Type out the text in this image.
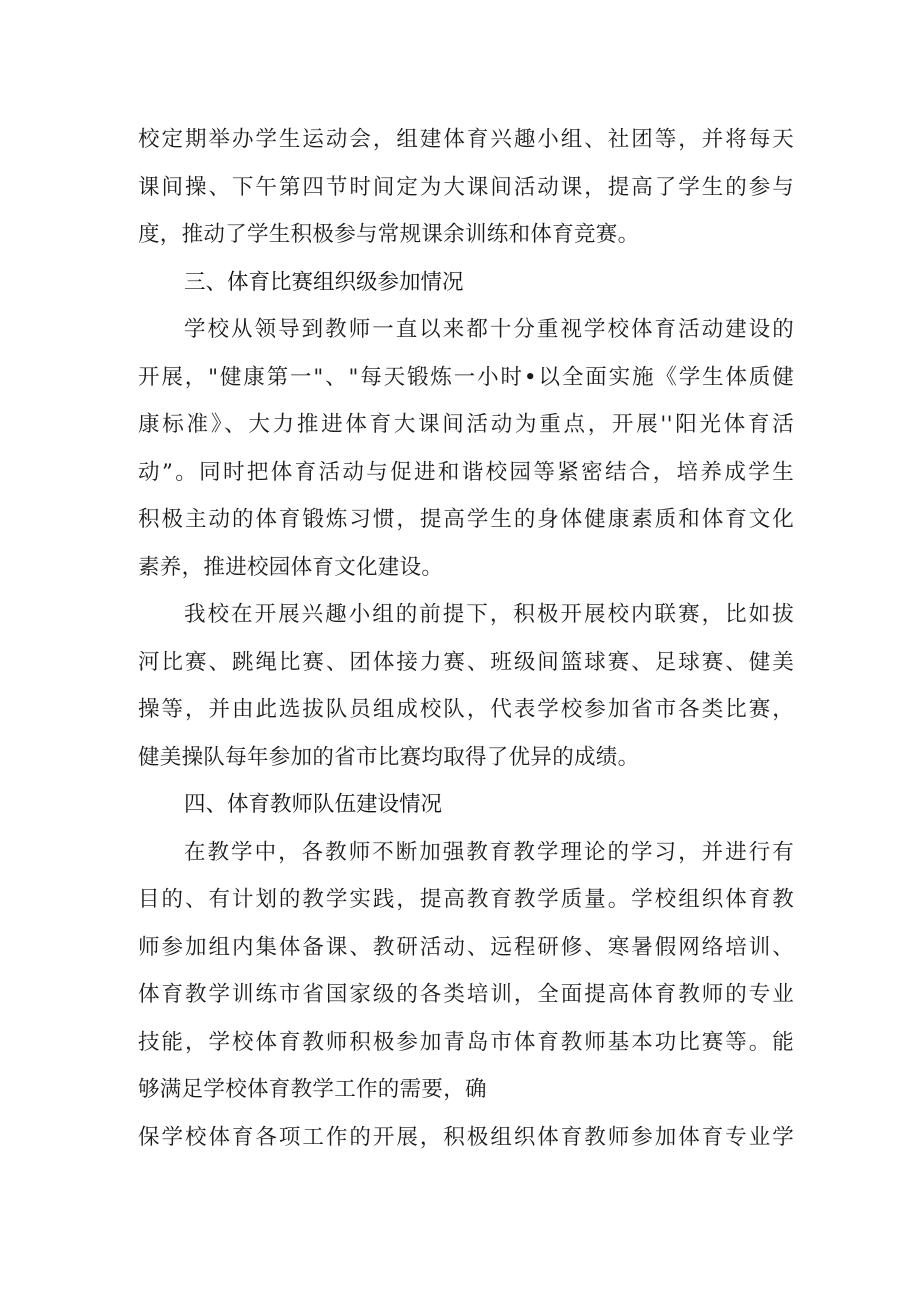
校定期举办学生运动会，组建体育兴趣小组、社团等，并将每天
课间操、下午第四节时间定为大课间活动课，提高了学生的参与
度，推动了学生积极参与常规课余训练和体育竞赛。
三、体育比赛组织级参加情况
学校从领导到教师一直以来都十分重视学校体育活动建设的
开展，"健康第一"、"每天锻炼一小时•以全面实施《学生体质健
康标准》、大力推进体育大课间活动为重点，开展''阳光体育活
动”。同时把体育活动与促进和谐校园等紧密结合，培养成学生
积极主动的体育锻炼习惯，提高学生的身体健康素质和体育文化
素养，推进校园体育文化建设。
我校在开展兴趣小组的前提下，积极开展校内联赛，比如拔
河比赛、跳绳比赛、团体接力赛、班级间篮球赛、足球赛、健美
操等，并由此选拔队员组成校队，代表学校参加省市各类比赛，
健美操队每年参加的省市比赛均取得了优异的成绩。
四、体育教师队伍建设情况
在教学中，各教师不断加强教育教学理论的学习，并进行有
目的、有计划的教学实践，提高教育教学质量。学校组织体育教
师参加组内集体备课、教研活动、远程研修、寒暑假网络培训、
体育教学训练市省国家级的各类培训，全面提高体育教师的专业
技能，学校体育教师积极参加青岛市体育教师基本功比赛等。能
够满足学校体育教学工作的需要，确
保学校体育各项工作的开展，积极组织体育教师参加体育专业学
